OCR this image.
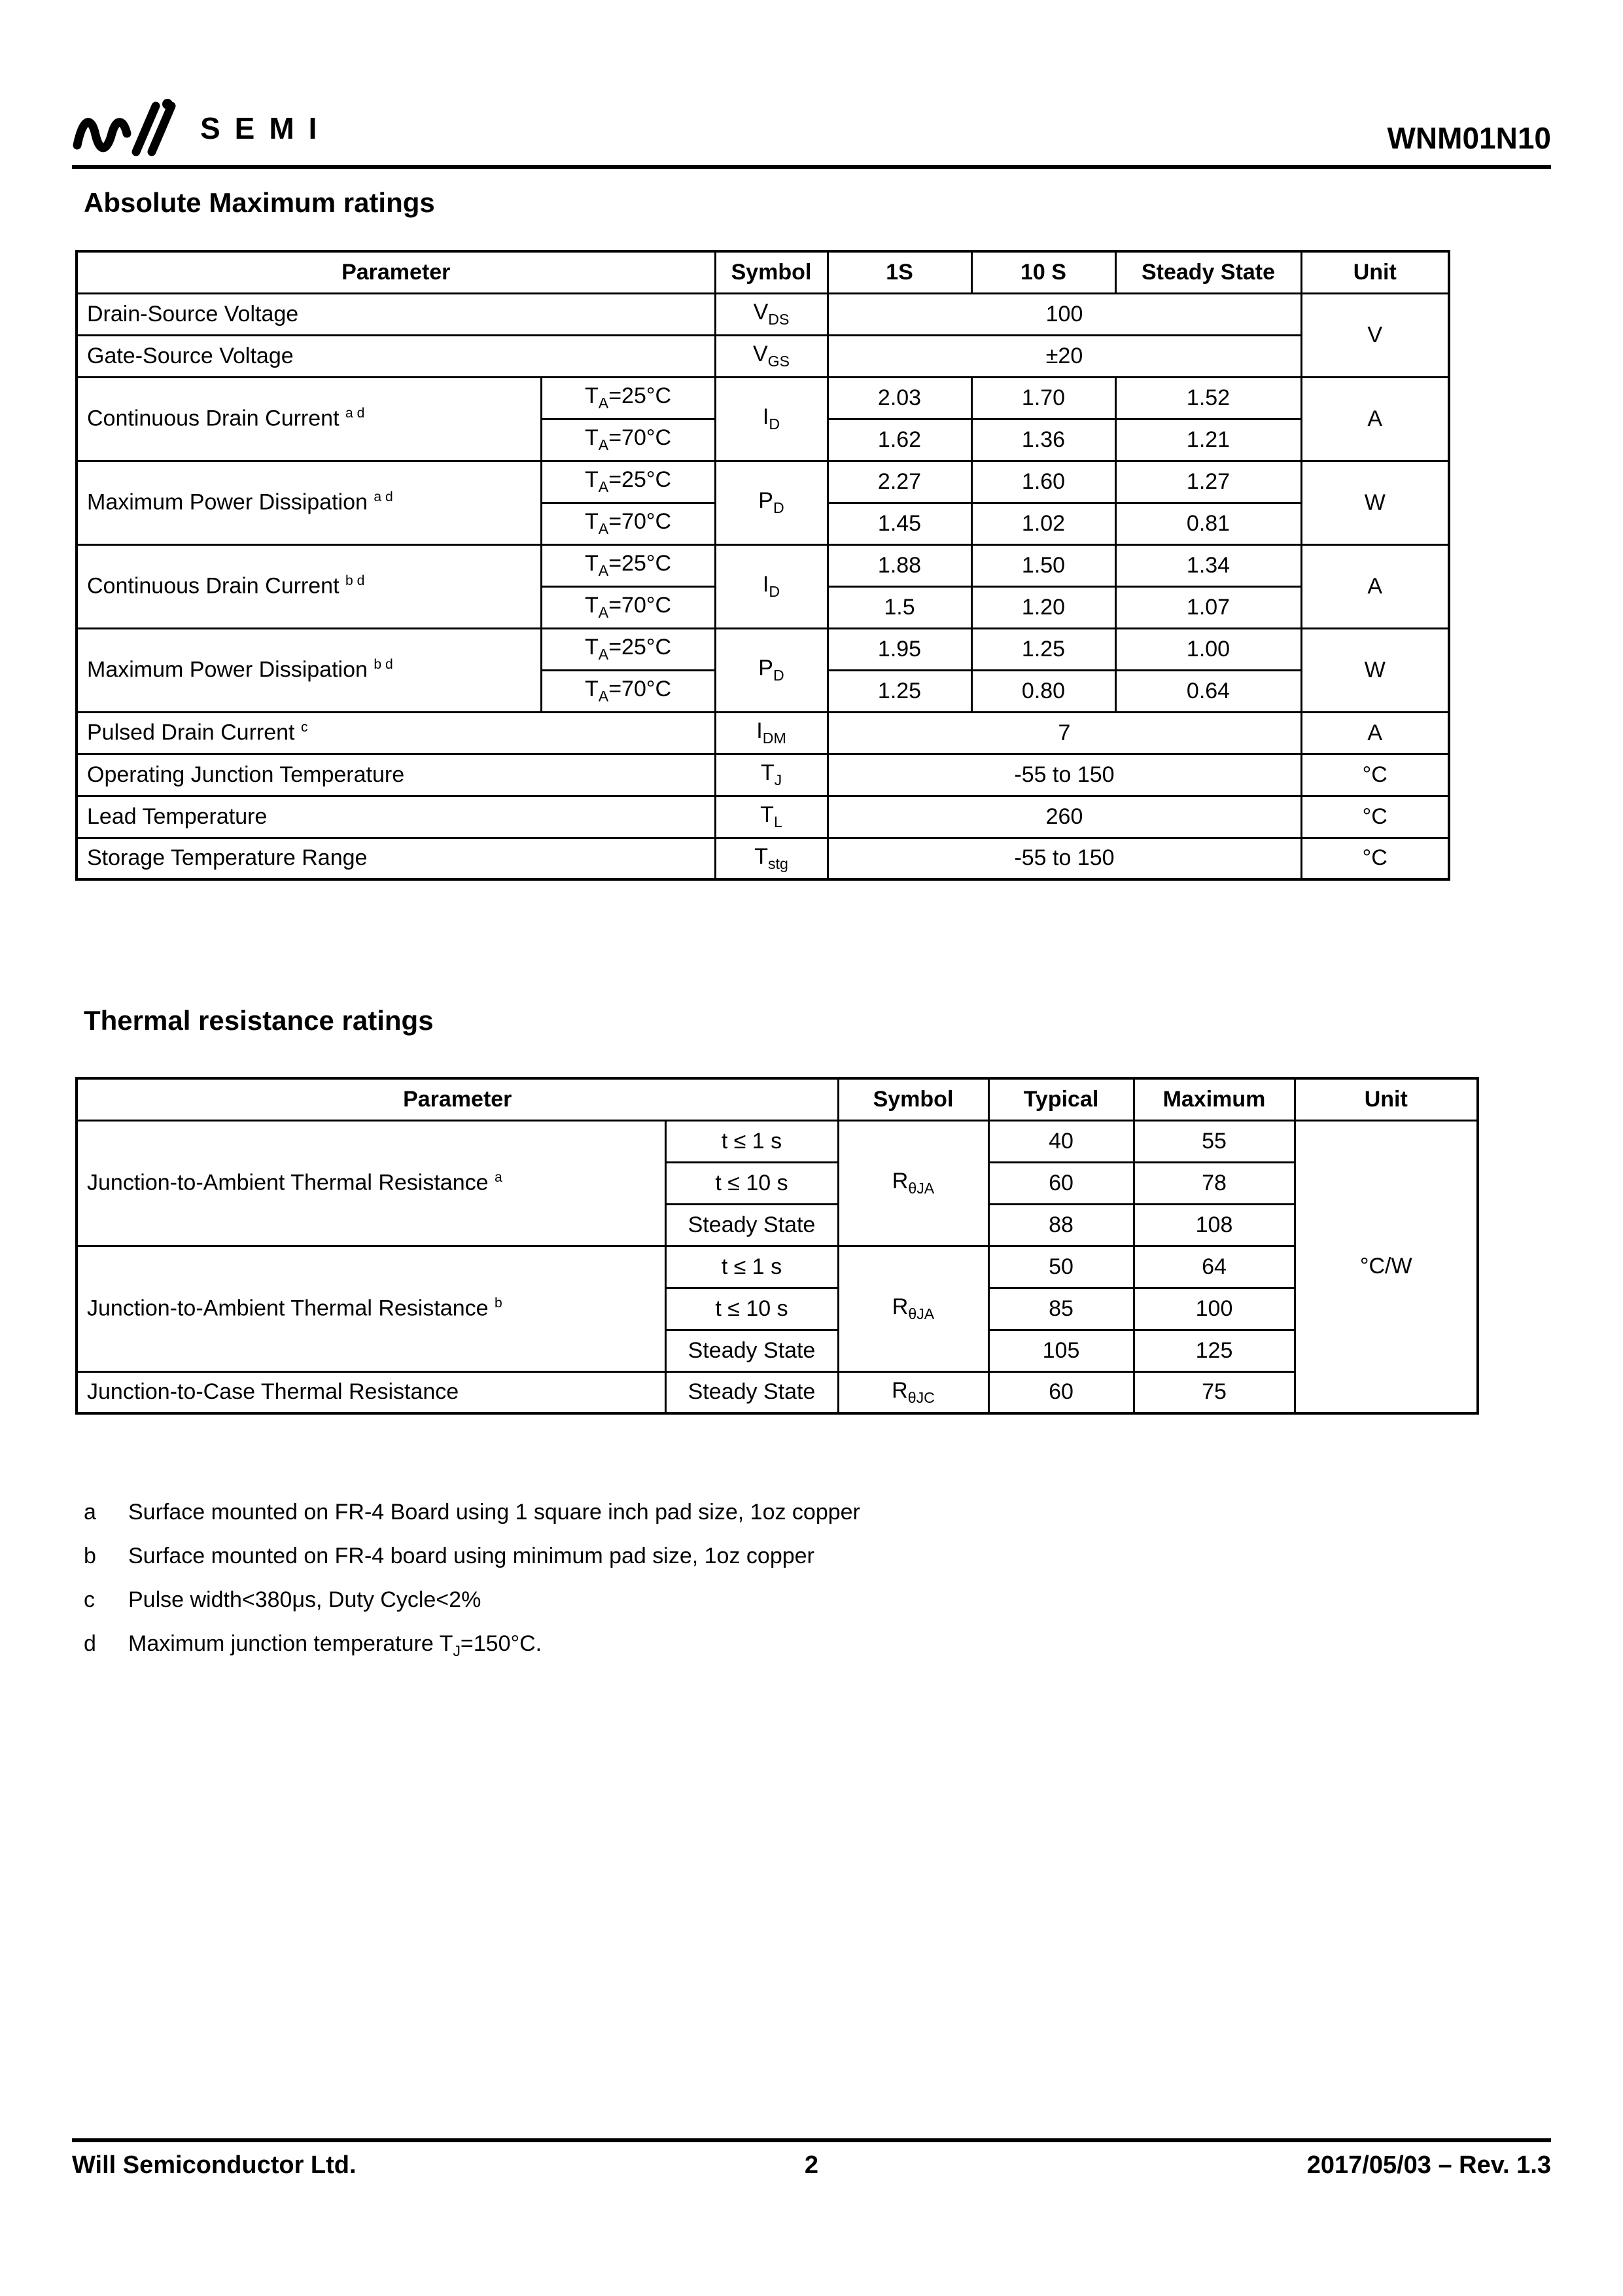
SEMI	WNM01N10
Absolute Maximum ratings
Parameter		Symbol	1S	10 S	Steady State	Unit
Drain-Source Voltage		$V_{DS}$	100			V
Gate-Source Voltage		$V_{GS}$	±20			
Continuous Drain Current $^{a d}$	$T_A=25^\circ C$	$I_D$	2.03	1.70	1.52	A
	$T_A=70^\circ C$		1.62	1.36	1.21	
Maximum Power Dissipation $^{a d}$	$T_A=25^\circ C$	$P_D$	2.27	1.60	1.27	W
	$T_A=70^\circ C$		1.45	1.02	0.81	
Continuous Drain Current $^{b d}$	$T_A=25^\circ C$	$I_D$	1.88	1.50	1.34	A
	$T_A=70^\circ C$		1.5	1.20	1.07	
Maximum Power Dissipation $^{b d}$	$T_A=25^\circ C$	$P_D$	1.95	1.25	1.00	W
	$T_A=70^\circ C$		1.25	0.80	0.64	
Pulsed Drain Current $^c$		$I_{DM}$	7			A
Operating Junction Temperature		$T_J$	-55 to 150			°C
Lead Temperature		$T_L$	260			°C
Storage Temperature Range		$T_{stg}$	-55 to 150			°C
Thermal resistance ratings
Parameter		Symbol	Typical	Maximum	Unit
Junction-to-Ambient Thermal Resistance $^a$	t ≤ 1 s	$R_{\theta JA}$	40	55	°C/W
	t ≤ 10 s		60	78	
	Steady State		88	108	
Junction-to-Ambient Thermal Resistance $^b$	t ≤ 1 s	$R_{\theta JA}$	50	64	
	t ≤ 10 s		85	100	
	Steady State		105	125	
Junction-to-Case Thermal Resistance	Steady State	$R_{\theta JC}$	60	75	
a	Surface mounted on FR-4 Board using 1 square inch pad size, 1oz copper
b	Surface mounted on FR-4 board using minimum pad size, 1oz copper
c	Pulse width<380μs, Duty Cycle<2%
d	Maximum junction temperature $T_J=150^\circ C$.
Will Semiconductor Ltd.	2	2017/05/03 – Rev. 1.3
